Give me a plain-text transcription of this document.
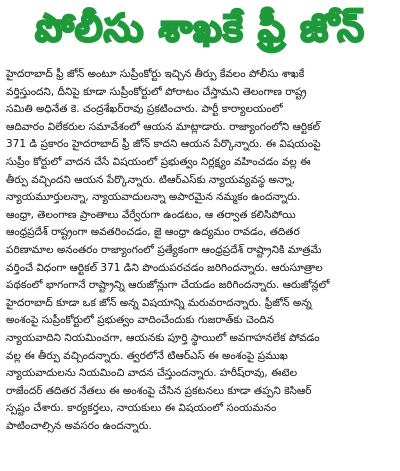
పోలీసు శాఖకే ఫ్రీ జోన్
హైదరాబాద్ ఫ్రీ జోన్ అంటూ సుప్రీంకోర్టు ఇచ్చిన తీర్పు కేవలం పోలీసు శాఖకే
వర్తిస్తుందని, దీనిపై కూడా సుప్రీంకోర్టులో పోరాటం చేస్తామని తెలంగాణ రాష్ట్ర
సమితి అధినేత కె. చంద్రశేఖర్‌రావు ప్రకటించారు. పార్టీ కార్యాలయంలో
ఆదివారం విలేకరుల సమావేశంలో ఆయన మాట్లాడారు. రాజ్యాంగంలోని ఆర్టికల్
371 డి ప్రకారం హైదరాబాద్ ఫ్రీ జోన్ కాదని ఆయన పేర్కొన్నారు. ఈ విషయంపై
సుప్రీం కోర్టులో వాదన చేసే విషయంలో ప్రభుత్వం నిర్లక్ష్యం వహించడం వల్ల ఈ
తీర్పు వచ్చిందని ఆయన పేర్కొన్నారు. టిఆర్‌ఎస్‌కు న్యాయవ్యవస్థ అన్నా,
న్యాయమూర్తులన్నా, న్యాయవాదులన్నా అపారమైన నమ్మకం ఉందన్నారు.
ఆంధ్రా, తెలంగాణ ప్రాంతాలు వేర్వేరుగా ఉండటం, ఆ తర్వాత కలిసిపోయి
ఆంధ్రప్రదేశ్ రాష్ట్రంగా అవతరించడం, జై ఆంధ్రా ఉద్యమం రావడం, తదితర
పరిణామాల అనంతరం రాజ్యాంగంలో ప్రత్యేకంగా ఆంధ్రప్రదేశ్ రాష్ట్రానికి మాత్రమే
వర్తించే విధంగా ఆర్టికల్ 371 డిని పొందుపరచడం జరిగిందన్నారు. ఆరుసూత్రాల
పథకంలో భాగంగానే రాష్ట్రాన్ని ఆరుజోన్లుగా చేయడం జరిగిందన్నారు. ఆరుజోన్లలో
హైదరాబాద్ కూడా ఒక జోన్ అన్న విషయాన్ని మరువరాదన్నారు. ఫ్రీజోన్ అన్న
అంశంపై సుప్రీంకోర్టులో ప్రభుత్వం వాదించేందుకు గుజరాత్‌కు చెందిన
న్యాయవాదిని నియమించగా, ఆయనకు పూర్తి స్థాయిలో అవగాహనలేక పోవడం
వల్ల ఈ తీర్పు వచ్చిందన్నారు. త్వరలోనే టిఆర్‌ఎస్ ఈ అంశంపై ప్రముఖ
న్యాయవాదులను నియమించి వాదన చేస్తుందన్నారు. హరీష్‌రావు, ఈటెల
రాజేందర్ తదితర నేతలు ఈ అంశంపై చేసిన ప్రకటనలు కూడా తప్పని కెసిఆర్
స్పష్టం చేశారు. కార్యకర్తలు, నాయకులు ఈ విషయంలో సంయమనం
పాటించాల్సిన అవసరం ఉందన్నారు.
